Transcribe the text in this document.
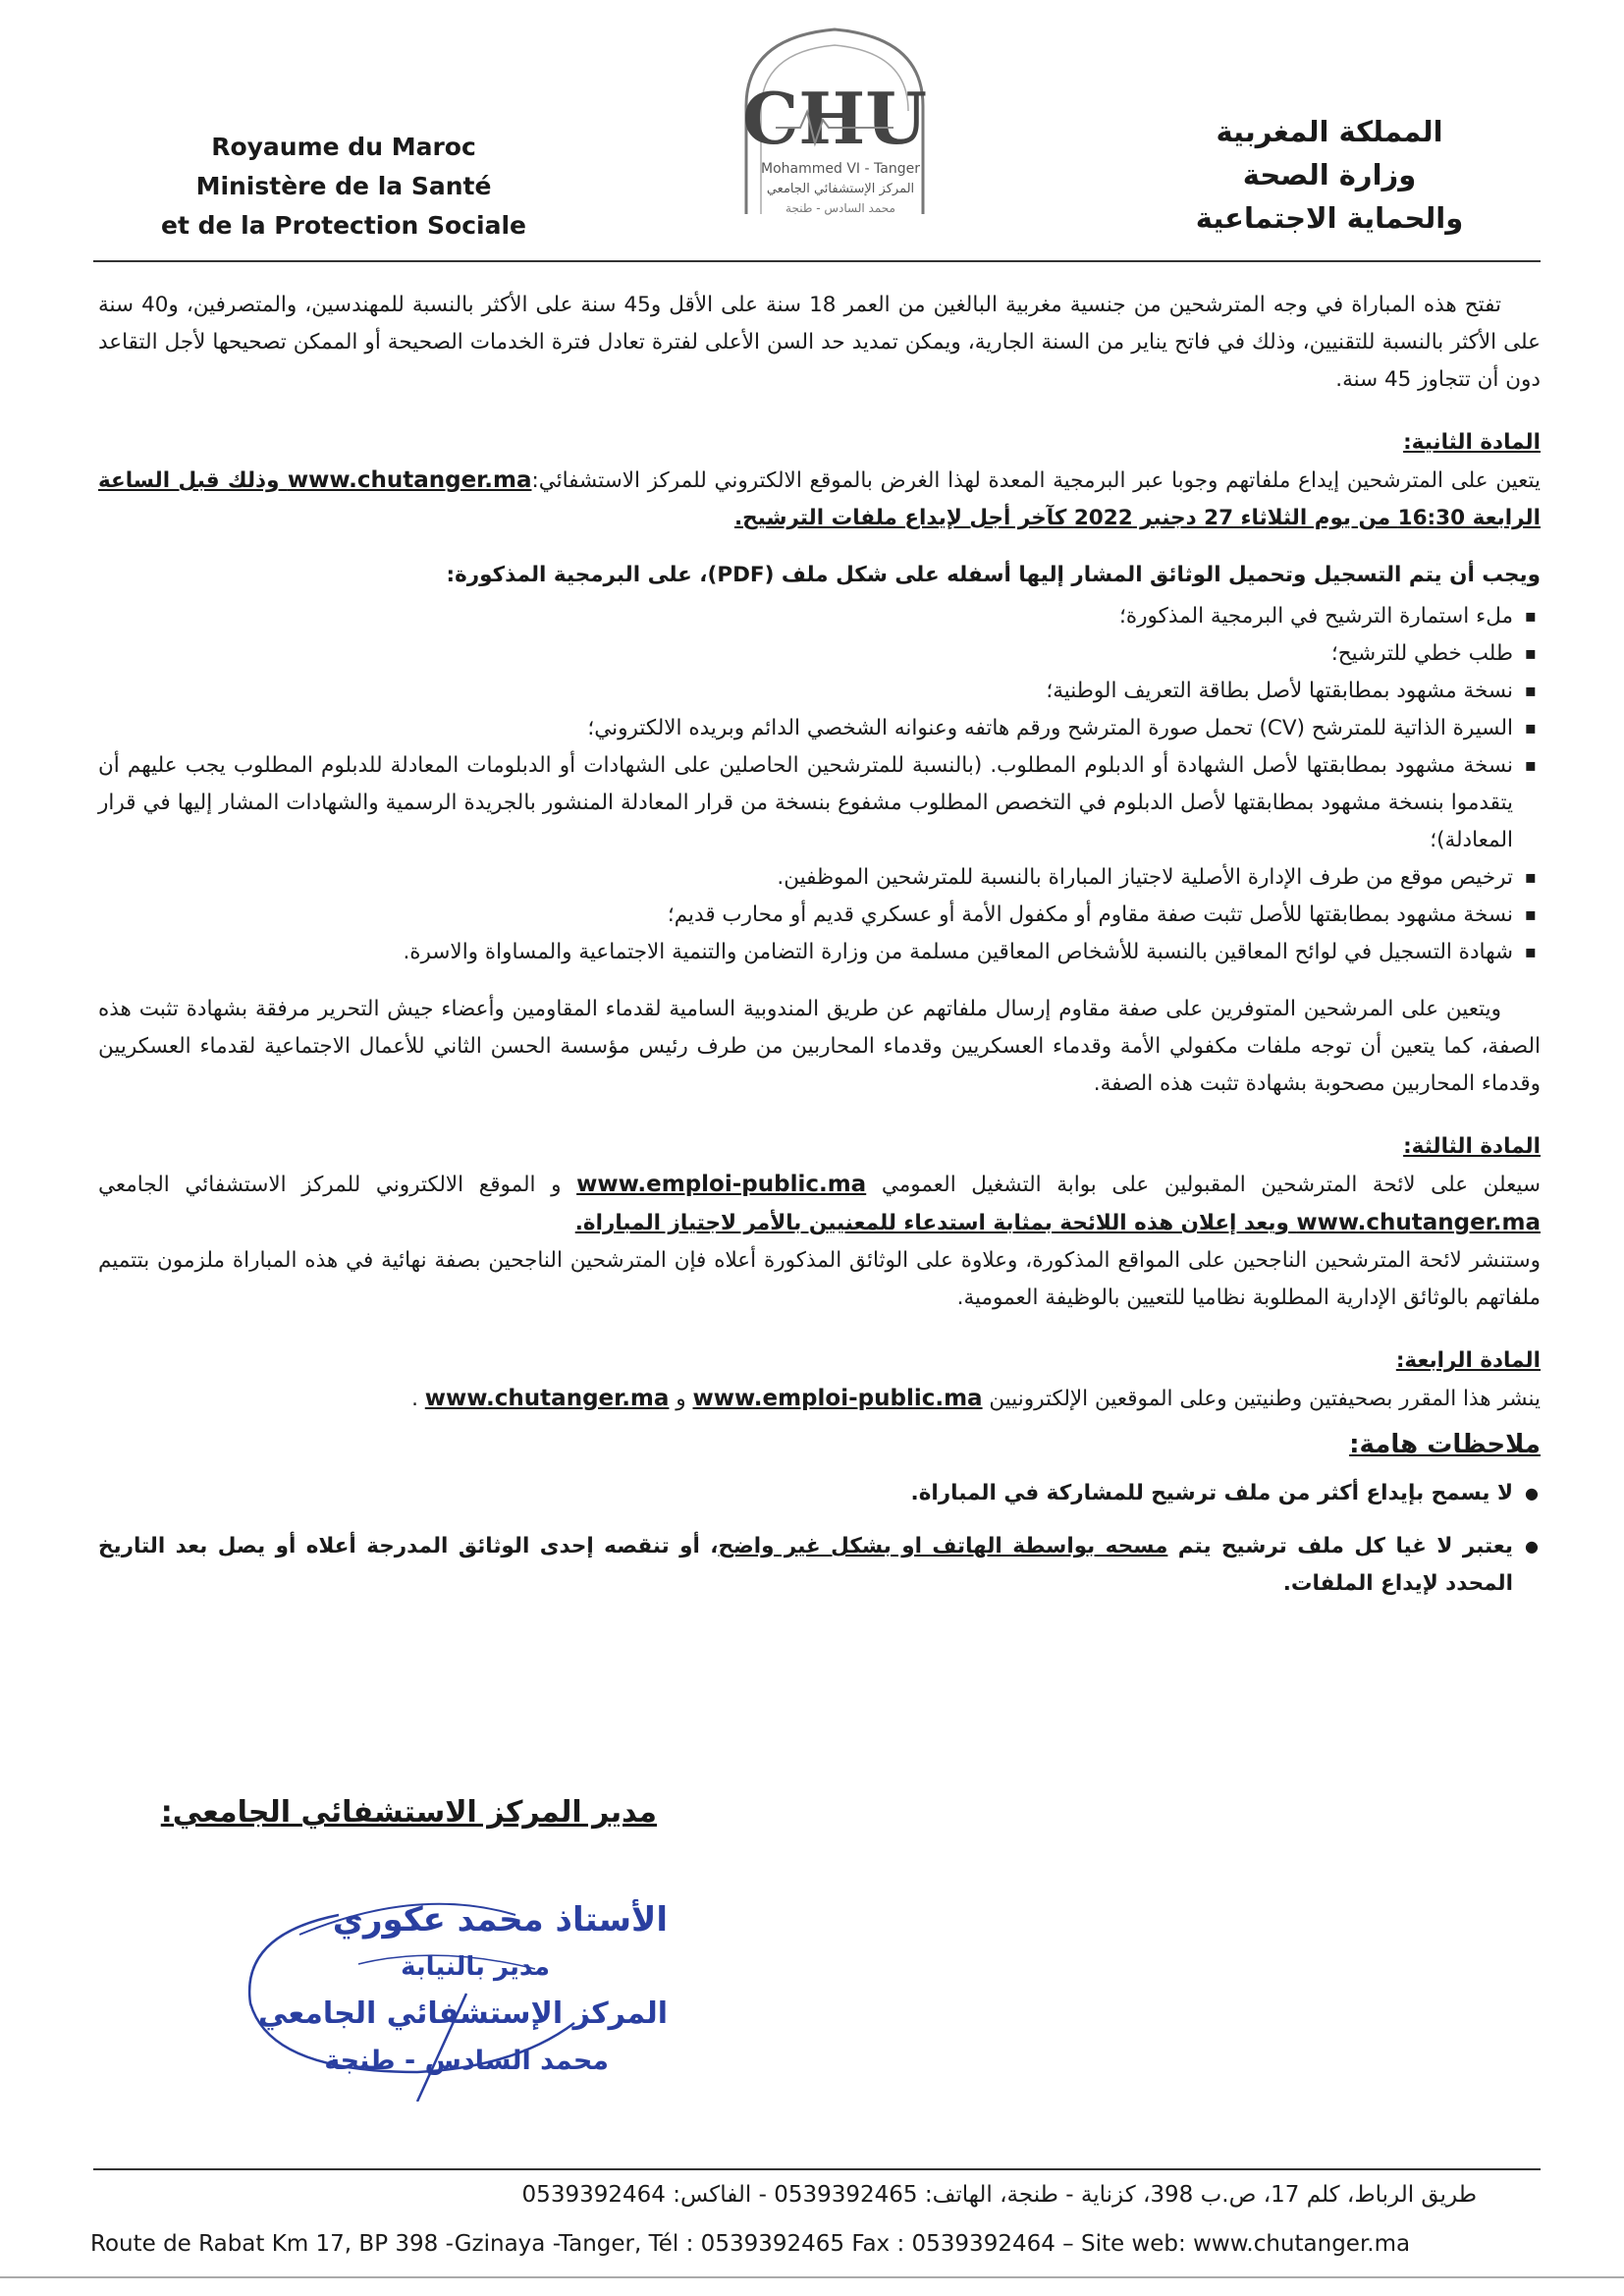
Royaume du Maroc
Ministère de la Santé
et de la Protection Sociale
CHU
Mohammed VI - Tanger
المركز الإستشفائي الجامعي
محمد السادس - طنجة
المملكة المغربية
وزارة الصحة
والحماية الاجتماعية

تفتح هذه المباراة في وجه المترشحين من جنسية مغربية البالغين من العمر 18 سنة على الأقل و45 سنة على الأكثر بالنسبة للمهندسين، والمتصرفين، و40 سنة على الأكثر بالنسبة للتقنيين، وذلك في فاتح يناير من السنة الجارية، ويمكن تمديد حد السن الأعلى لفترة تعادل فترة الخدمات الصحيحة أو الممكن تصحيحها لأجل التقاعد دون أن تتجاوز 45 سنة.

المادة الثانية:

يتعين على المترشحين إيداع ملفاتهم وجوبا عبر البرمجية المعدة لهذا الغرض بالموقع الالكتروني للمركز الاستشفائي:www.chutanger.ma وذلك قبل الساعة الرابعة 16:30 من يوم الثلاثاء 27 دجنبر 2022 كآخر أجل لإيداع ملفات الترشيح.

ويجب أن يتم التسجيل وتحميل الوثائق المشار إليها أسفله على شكل ملف (PDF)، على البرمجية المذكورة:

▪ ملء استمارة الترشيح في البرمجية المذكورة؛
▪ طلب خطي للترشيح؛
▪ نسخة مشهود بمطابقتها لأصل بطاقة التعريف الوطنية؛
▪ السيرة الذاتية للمترشح (CV) تحمل صورة المترشح ورقم هاتفه وعنوانه الشخصي الدائم وبريده الالكتروني؛
▪ نسخة مشهود بمطابقتها لأصل الشهادة أو الدبلوم المطلوب. (بالنسبة للمترشحين الحاصلين على الشهادات أو الدبلومات المعادلة للدبلوم المطلوب يجب عليهم أن يتقدموا بنسخة مشهود بمطابقتها لأصل الدبلوم في التخصص المطلوب مشفوع بنسخة من قرار المعادلة المنشور بالجريدة الرسمية والشهادات المشار إليها في قرار المعادلة)؛
▪ ترخيص موقع من طرف الإدارة الأصلية لاجتياز المباراة بالنسبة للمترشحين الموظفين.
▪ نسخة مشهود بمطابقتها للأصل تثبت صفة مقاوم أو مكفول الأمة أو عسكري قديم أو محارب قديم؛
▪ شهادة التسجيل في لوائح المعاقين بالنسبة للأشخاص المعاقين مسلمة من وزارة التضامن والتنمية الاجتماعية والمساواة والاسرة.

ويتعين على المرشحين المتوفرين على صفة مقاوم إرسال ملفاتهم عن طريق المندوبية السامية لقدماء المقاومين وأعضاء جيش التحرير مرفقة بشهادة تثبت هذه الصفة، كما يتعين أن توجه ملفات مكفولي الأمة وقدماء العسكريين وقدماء المحاربين من طرف رئيس مؤسسة الحسن الثاني للأعمال الاجتماعية لقدماء العسكريين وقدماء المحاربين مصحوبة بشهادة تثبت هذه الصفة.

المادة الثالثة:

سيعلن على لائحة المترشحين المقبولين على بوابة التشغيل العمومي www.emploi-public.ma و الموقع الالكتروني للمركز الاستشفائي الجامعي www.chutanger.ma ويعد إعلان هذه اللائحة بمثابة استدعاء للمعنيين بالأمر لاجتياز المباراة.

وستنشر لائحة المترشحين الناجحين على المواقع المذكورة، وعلاوة على الوثائق المذكورة أعلاه فإن المترشحين الناجحين بصفة نهائية في هذه المباراة ملزمون بتتميم ملفاتهم بالوثائق الإدارية المطلوبة نظاميا للتعيين بالوظيفة العمومية.

المادة الرابعة:

ينشر هذا المقرر بصحيفتين وطنيتين وعلى الموقعين الإلكترونيين www.emploi-public.ma و www.chutanger.ma .

ملاحظات هامة:

● لا يسمح بإيداع أكثر من ملف ترشيح للمشاركة في المباراة.
● يعتبر لا غيا كل ملف ترشيح يتم مسحه بواسطة الهاتف او بشكل غير واضح، أو تنقصه إحدى الوثائق المدرجة أعلاه أو يصل بعد التاريخ المحدد لإيداع الملفات.
مدير المركز الاستشفائي الجامعي:
الأستاذ محمد عكوري
مدير بالنيابة
المركز الإستشفائي الجامعي
محمد السادس - طنجة
طريق الرباط، كلم 17، ص.ب 398، كزناية - طنجة، الهاتف: 0539392465 - الفاكس: 0539392464
Route de Rabat Km 17, BP 398 -Gzinaya -Tanger, Tél : 0539392465 Fax : 0539392464 – Site web: www.chutanger.ma
